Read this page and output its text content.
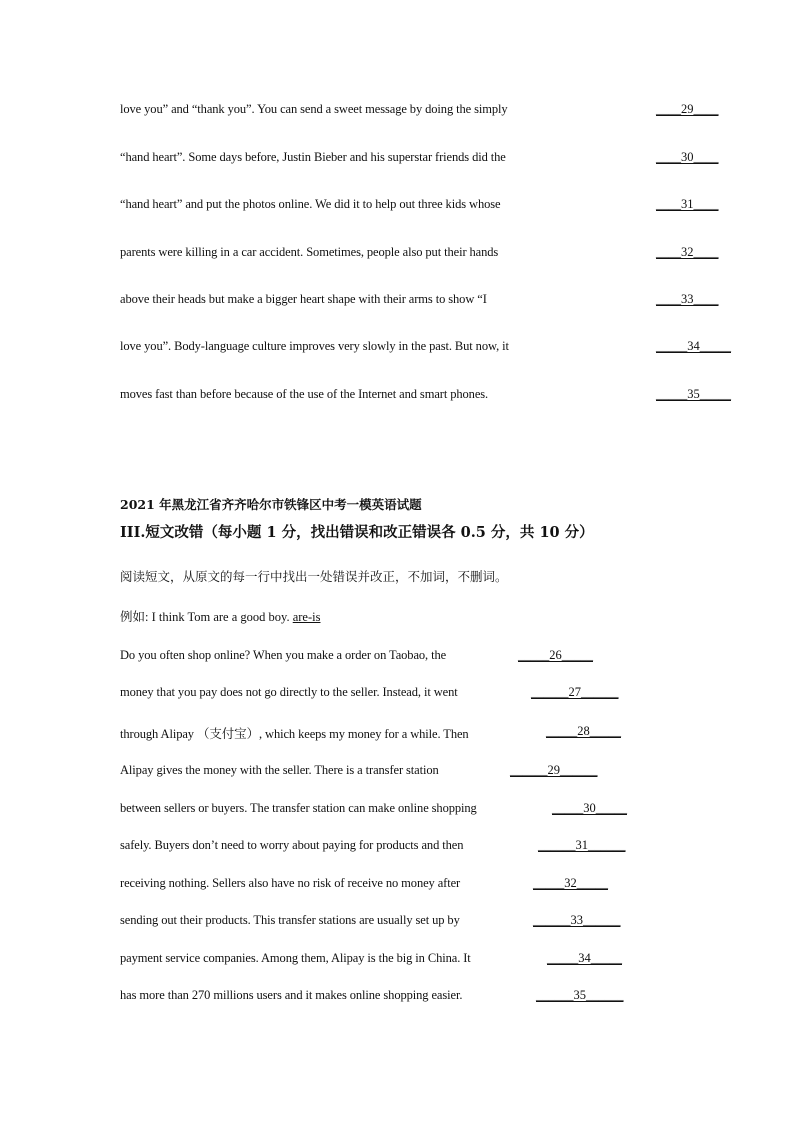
love you” and “thank you”. You can send a sweet message by doing the simply	____29____
“hand heart”. Some days before, Justin Bieber and his superstar friends did the	____30____
“hand heart” and put the photos online. We did it to help out three kids whose	____31____
parents were killing in a car accident. Sometimes, people also put their hands	____32____
above their heads but make a bigger heart shape with their arms to show “I	____33____
love you”. Body-language culture improves very slowly in the past. But now, it	_____34_____
moves fast than before because of the use of the Internet and smart phones.	_____35_____
2021 年黑龙江省齐齐哈尔市铁锋区中考一模英语试题
III.短文改错（每小题 1 分，找出错误和改正错误各 0.5 分，共 10 分）
阅读短文，从原文的每一行中找出一处错误并改正，不加词，不删词。
例如: I think Tom are a good boy. are-is
Do you often shop online? When you make a order on Taobao, the	_____26_____
money that you pay does not go directly to the seller. Instead, it went	______27______
through Alipay （支付宝）, which keeps my money for a while. Then	_____28_____
Alipay gives the money with the seller. There is a transfer station	______29______
between sellers or buyers. The transfer station can make online shopping	_____30_____
safely. Buyers don’t need to worry about paying for products and then	______31______
receiving nothing. Sellers also have no risk of receive no money after	_____32_____
sending out their products. This transfer stations are usually set up by	______33______
payment service companies. Among them, Alipay is the big in China. It	_____34_____
has more than 270 millions users and it makes online shopping easier.	______35______
